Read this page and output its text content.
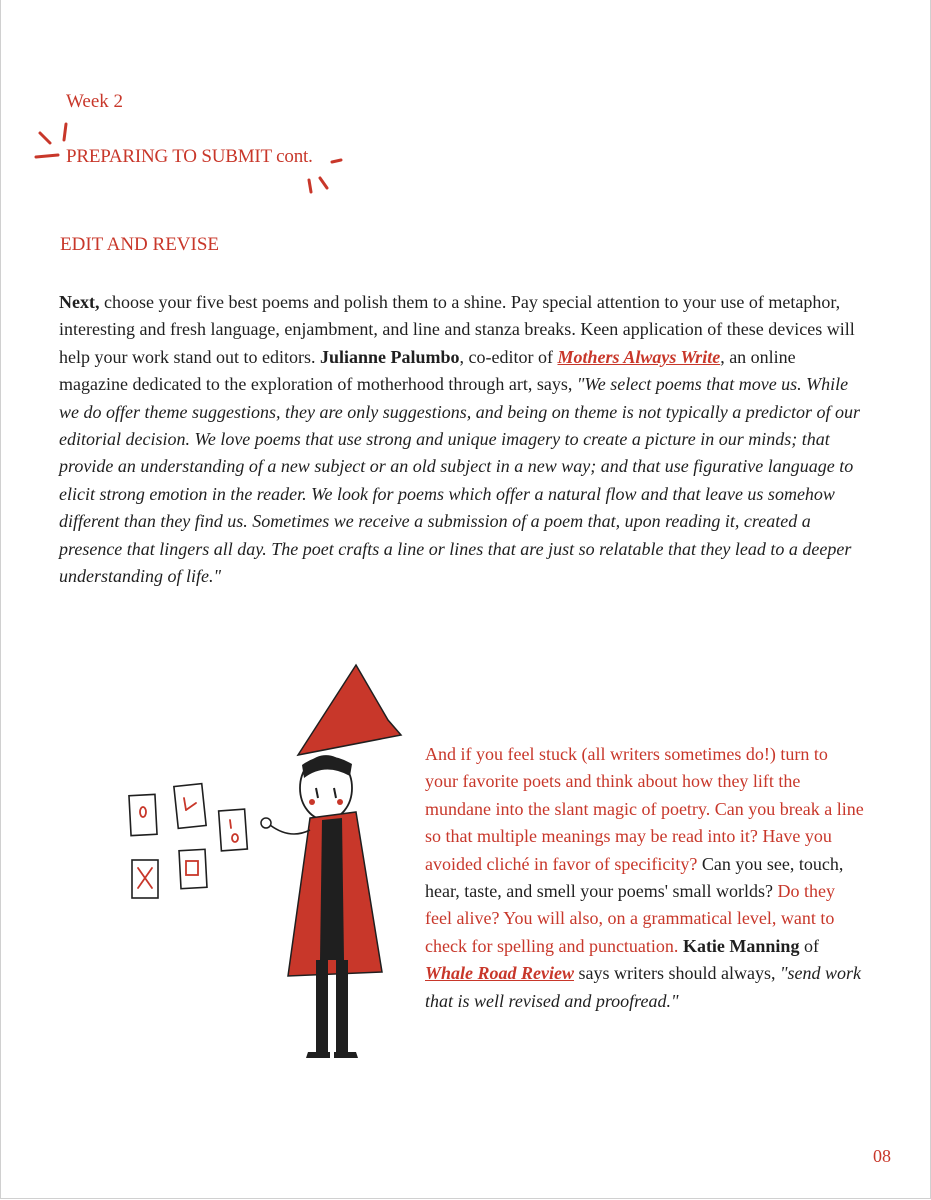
Week 2
PREPARING TO SUBMIT cont.
EDIT AND REVISE

Next, choose your five best poems and polish them to a shine. Pay special attention to your use of metaphor, interesting and fresh language, enjambment, and line and stanza breaks. Keen application of these devices will help your work stand out to editors. Julianne Palumbo, co-editor of Mothers Always Write, an online magazine dedicated to the exploration of motherhood through art, says, "We select poems that move us. While we do offer theme suggestions, they are only suggestions, and being on theme is not typically a predictor of our editorial decision. We love poems that use strong and unique imagery to create a picture in our minds; that provide an understanding of a new subject or an old subject in a new way; and that use figurative language to elicit strong emotion in the reader. We look for poems which offer a natural flow and that leave us somehow different than they find us. Sometimes we receive a submission of a poem that, upon reading it, created a presence that lingers all day. The poet crafts a line or lines that are just so relatable that they lead to a deeper understanding of life."

And if you feel stuck (all writers sometimes do!) turn to your favorite poets and think about how they lift the mundane into the slant magic of poetry. Can you break a line so that multiple meanings may be read into it? Have you avoided cliché in favor of specificity? Can you see, touch, hear, taste, and smell your poems' small worlds? Do they feel alive? You will also, on a grammatical level, want to check for spelling and punctuation. Katie Manning of Whale Road Review says writers should always, "send work that is well revised and proofread."

08
